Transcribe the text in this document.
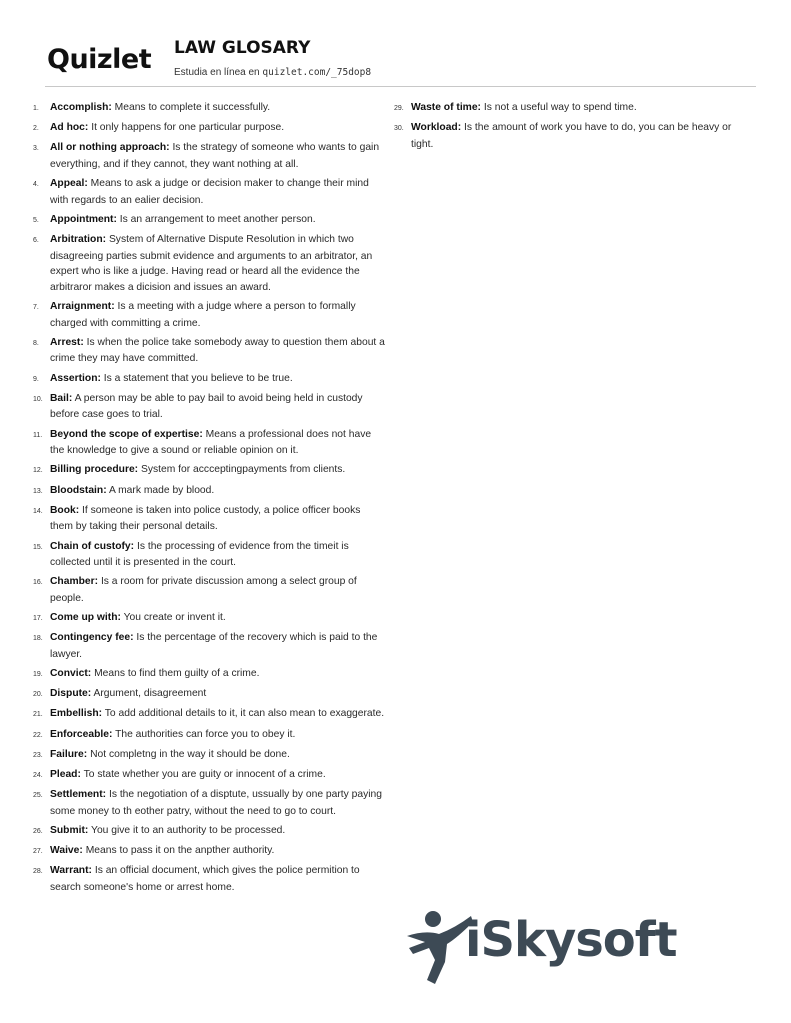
Quizlet LAW GLOSARY
Estudia en línea en quizlet.com/_75dop8
1. Accomplish: Means to complete it successfully.
2. Ad hoc: It only happens for one particular purpose.
3. All or nothing approach: Is the strategy of someone who wants to gain everything, and if they cannot, they want nothing at all.
4. Appeal: Means to ask a judge or decision maker to change their mind with regards to an ealier decision.
5. Appointment: Is an arrangement to meet another person.
6. Arbitration: System of Alternative Dispute Resolution in which two disagreeing parties submit evidence and arguments to an arbitrator, an expert who is like a judge. Having read or heard all the evidence the arbitraror makes a dicision and issues an award.
7. Arraignment: Is a meeting with a judge where a person to formally charged with committing a crime.
8. Arrest: Is when the police take somebody away to question them about a crime they may have committed.
9. Assertion: Is a statement that you believe to be true.
10. Bail: A person may be able to pay bail to avoid being held in custody before case goes to trial.
11. Beyond the scope of expertise: Means a professional does not have the knowledge to give a sound or reliable opinion on it.
12. Billing procedure: System for accceptingpayments from clients.
13. Bloodstain: A mark made by blood.
14. Book: If someone is taken into police custody, a police officer books them by taking their personal details.
15. Chain of custofy: Is the processing of evidence from the timeit is collected until it is presented in the court.
16. Chamber: Is a room for private discussion among a select group of people.
17. Come up with: You create or invent it.
18. Contingency fee: Is the percentage of the recovery which is paid to the lawyer.
19. Convict: Means to find them guilty of a crime.
20. Dispute: Argument, disagreement
21. Embellish: To add additional details to it, it can also mean to exaggerate.
22. Enforceable: The authorities can force you to obey it.
23. Failure: Not completng in the way it should be done.
24. Plead: To state whether you are guity or innocent of a crime.
25. Settlement: Is the negotiation of a disptute, ussually by one party paying some money to th eother patry, without the need to go to court.
26. Submit: You give it to an authority to be processed.
27. Waive: Means to pass it on the anpther authority.
28. Warrant: Is an official document, which gives the police permition to search someone's home or arrest home.
29. Waste of time: Is not a useful way to spend time.
30. Workload: Is the amount of work you have to do, you can be heavy or tight.
iSkysoft
